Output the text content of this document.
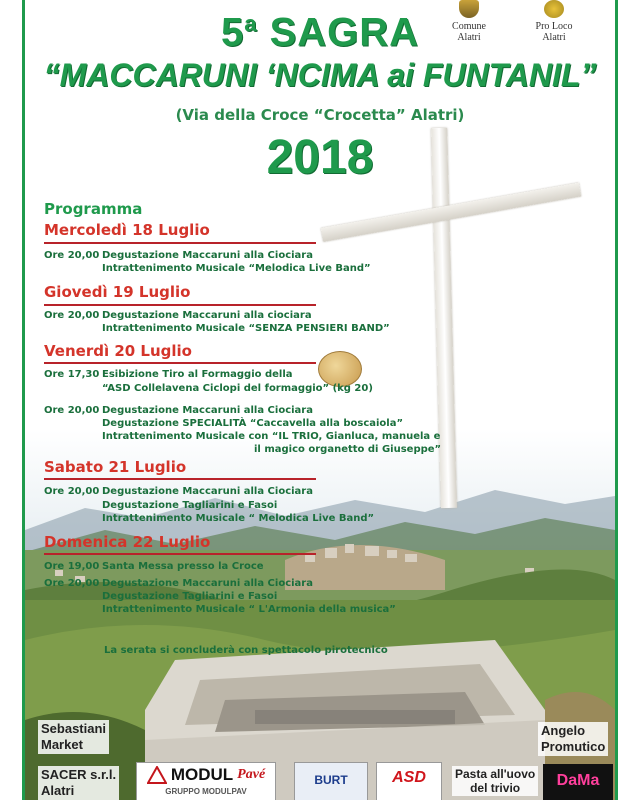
5$^a$ SAGRA
“MACCARUNI ‘NCIMA ai FUNTANIL”
(Via della Croce “Crocetta” Alatri)
2018
Comune
Alatri
Pro Loco
Alatri
Programma
Mercoledì 18 Luglio
Ore 20,00 Degustazione Maccaruni alla Ciociara
Intrattenimento Musicale “Melodica Live Band”
Giovedì 19 Luglio
Ore 20,00 Degustazione Maccaruni alla ciociara
Intrattenimento Musicale “SENZA PENSIERI BAND”
Venerdì 20 Luglio
Ore 17,30 Esibizione Tiro al Formaggio della
“ASD Collelavena Ciclopi del formaggio” (kg 20)
Ore 20,00 Degustazione Maccaruni alla Ciociara
Degustazione SPECIALITÀ “Caccavella alla boscaiola”
Intrattenimento Musicale con “IL TRIO, Gianluca, manuela e
il magico organetto di Giuseppe”
Sabato 21 Luglio
Ore 20,00 Degustazione Maccaruni alla Ciociara
Degustazione Tagliarini e Fasoi
Intrattenimento Musicale “ Melodica Live Band”
Domenica 22 Luglio
Ore 19,00 Santa Messa presso la Croce
Ore 20,00 Degustazione Maccaruni alla Ciociara
Degustazione Tagliarini e Fasoi
Intrattenimento Musicale “ L'Armonia della musica”
La serata si concluderà con spettacolo pirotecnico
Sebastiani
Market
SACER s.r.l.
Alatri
MODUL Pavé
GRUPPO MODULPAV
BURT	ASD	Pasta all'uovo
del trivio
Angelo
Promutico
DaMa
